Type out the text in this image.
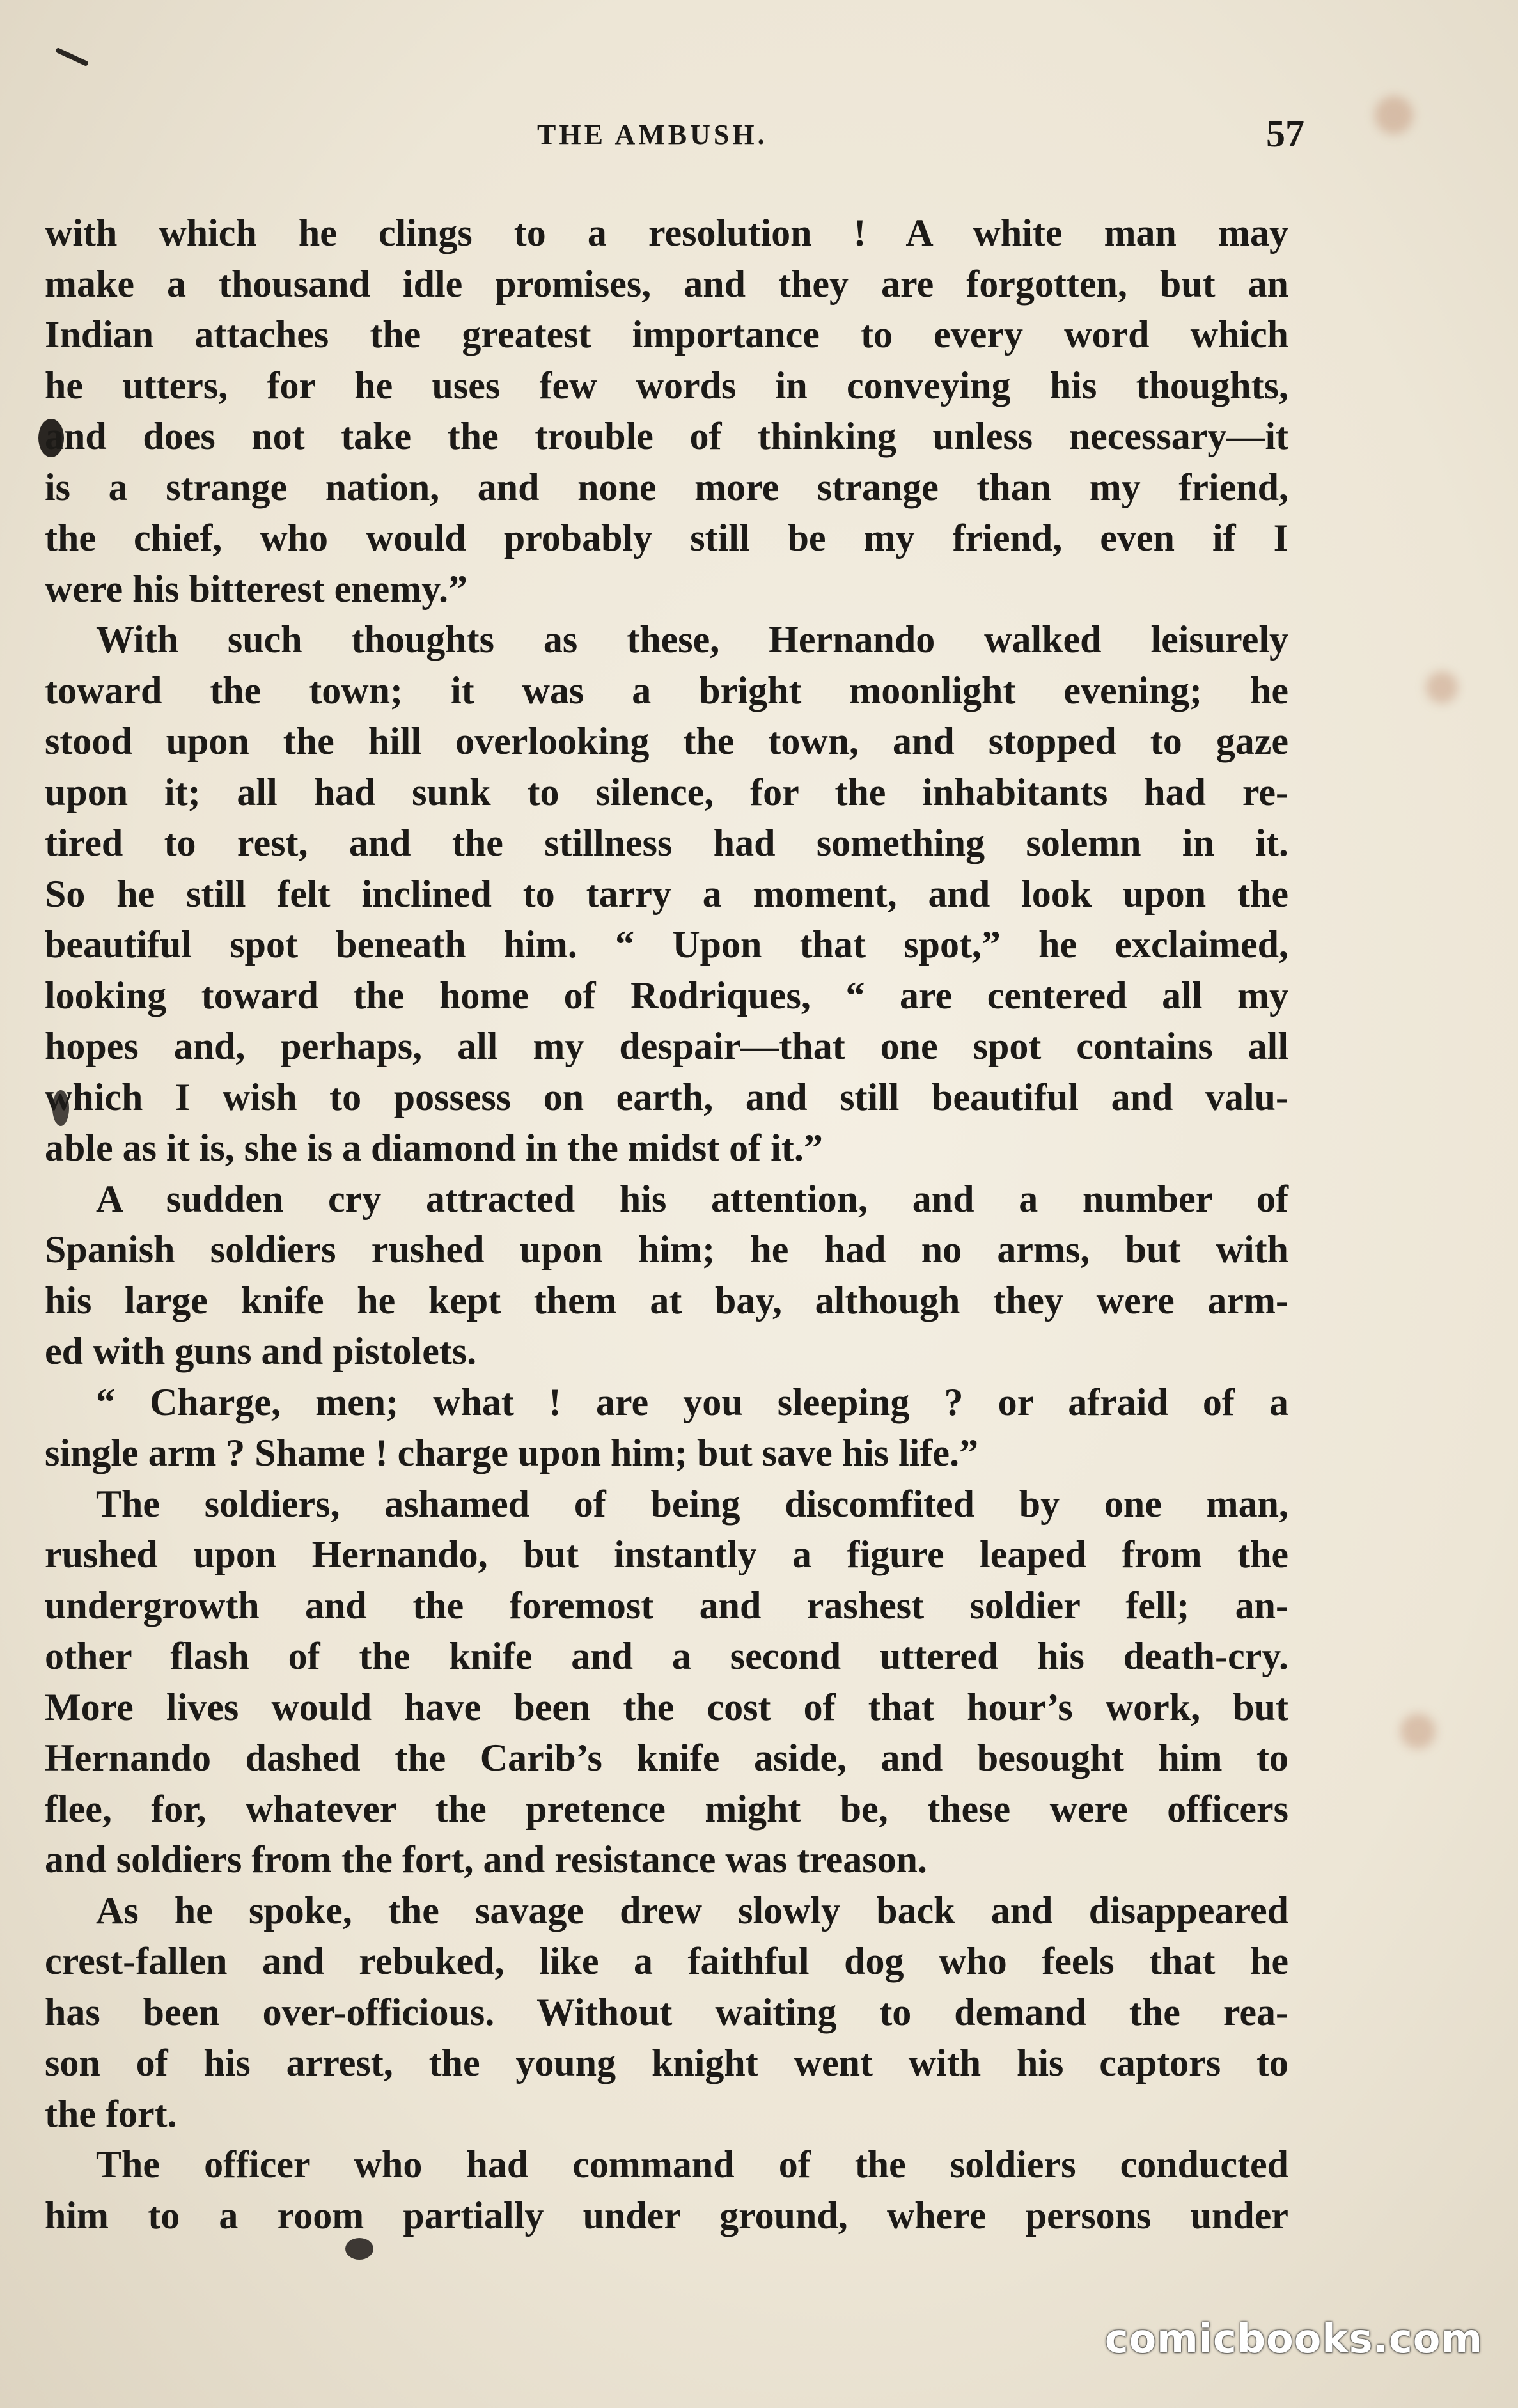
THE AMBUSH.	57
with which he clings to a resolution ! A white man may
make a thousand idle promises, and they are forgotten, but an
Indian attaches the greatest importance to every word which
he utters, for he uses few words in conveying his thoughts,
and does not take the trouble of thinking unless necessary—it
is a strange nation, and none more strange than my friend,
the chief, who would probably still be my friend, even if I
were his bitterest enemy.”
With such thoughts as these, Hernando walked leisurely
toward the town; it was a bright moonlight evening; he
stood upon the hill overlooking the town, and stopped to gaze
upon it; all had sunk to silence, for the inhabitants had re-
tired to rest, and the stillness had something solemn in it.
So he still felt inclined to tarry a moment, and look upon the
beautiful spot beneath him. “ Upon that spot,” he exclaimed,
looking toward the home of Rodriques, “ are centered all my
hopes and, perhaps, all my despair—that one spot contains all
which I wish to possess on earth, and still beautiful and valu-
able as it is, she is a diamond in the midst of it.”
A sudden cry attracted his attention, and a number of
Spanish soldiers rushed upon him; he had no arms, but with
his large knife he kept them at bay, although they were arm-
ed with guns and pistolets.
“ Charge, men; what ! are you sleeping ? or afraid of a
single arm ? Shame ! charge upon him; but save his life.”
The soldiers, ashamed of being discomfited by one man,
rushed upon Hernando, but instantly a figure leaped from the
undergrowth and the foremost and rashest soldier fell; an-
other flash of the knife and a second uttered his death-cry.
More lives would have been the cost of that hour’s work, but
Hernando dashed the Carib’s knife aside, and besought him to
flee, for, whatever the pretence might be, these were officers
and soldiers from the fort, and resistance was treason.
As he spoke, the savage drew slowly back and disappeared
crest-fallen and rebuked, like a faithful dog who feels that he
has been over-officious. Without waiting to demand the rea-
son of his arrest, the young knight went with his captors to
the fort.
The officer who had command of the soldiers conducted
him to a room partially under ground, where persons under
comicbooks.com
